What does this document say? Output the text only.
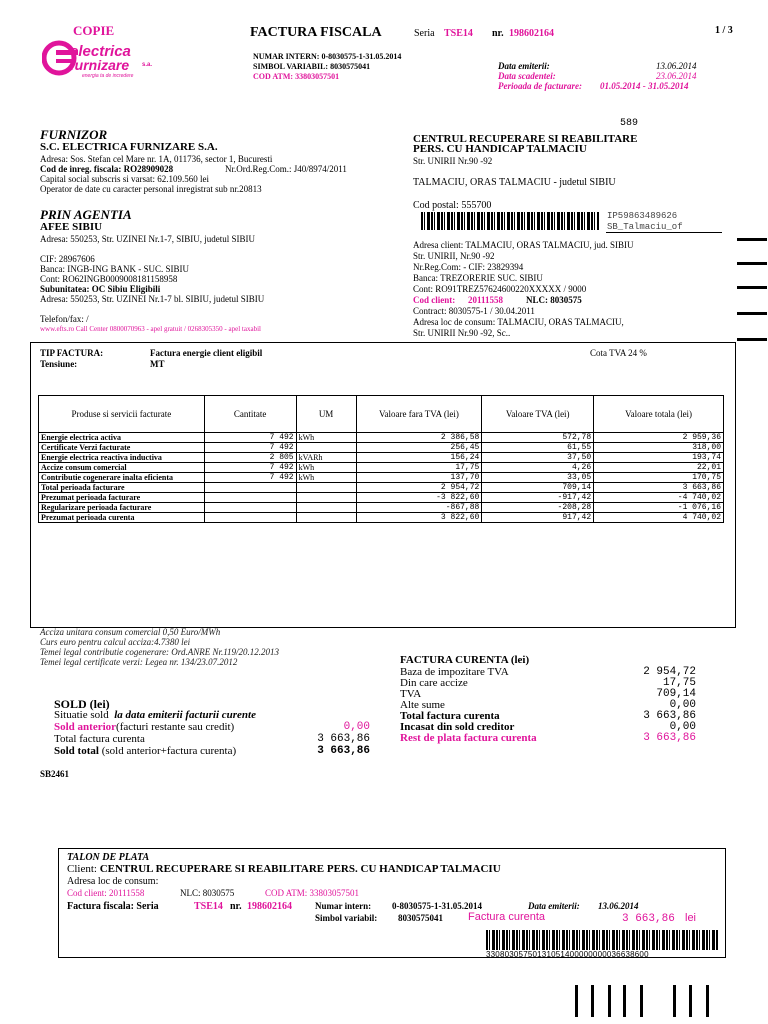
COPIE	FACTURA FISCALA	Seria TSE14 nr. 198602164	1 / 3
electrica
furnizare s.a.
energia ta de incredere
NUMAR INTERN: 0-8030575-1-31.05.2014
SIMBOL VARIABIL: 8030575041
COD ATM: 33803057501
Data emiterii:	13.06.2014
Data scadentei:	23.06.2014
Perioada de facturare: 01.05.2014 - 31.05.2014
FURNIZOR
S.C. ELECTRICA FURNIZARE S.A.
Adresa: Sos. Stefan cel Mare nr. 1A, 011736, sector 1, Bucuresti
Cod de inreg. fiscala: RO28909028	Nr.Ord.Reg.Com.: J40/8974/2011
Capital social subscris si varsat: 62.109.560 lei
Operator de date cu caracter personal inregistrat sub nr.20813
PRIN AGENTIA
AFEE SIBIU
Adresa: 550253, Str. UZINEI Nr.1-7, SIBIU, judetul SIBIU
CIF: 28967606
Banca: INGB-ING BANK - SUC. SIBIU
Cont: RO62INGB0009008181158958
Subunitatea: OC Sibiu Eligibili
Adresa: 550253, Str. UZINEI Nr.1-7 bl. SIBIU, judetul SIBIU
Telefon/fax: /
www.efts.ro Call Center 0800070963 - apel gratuit / 0268305350 - apel taxabil
589
CENTRUL RECUPERARE SI REABILITARE
PERS. CU HANDICAP TALMACIU
Str. UNIRII Nr.90 -92
TALMACIU, ORAS TALMACIU - judetul SIBIU
Cod postal: 555700
IP59863489626
SB_Talmaciu_of
Adresa client: TALMACIU, ORAS TALMACIU, jud. SIBIU
Str. UNIRII, Nr.90 -92
Nr.Reg.Com: - CIF: 23829394
Banca: TREZORERIE SUC. SIBIU
Cont: RO91TREZ57624600220XXXXX / 9000
Cod client: 20111558	NLC: 8030575
Contract: 8030575-1 / 30.04.2011
Adresa loc de consum: TALMACIU, ORAS TALMACIU,
Str. UNIRII Nr.90 -92, Sc..
TIP FACTURA:	Factura energie client eligibil	Cota TVA 24 %
Tensiune:	MT
Produse si servicii facturate	Cantitate	UM	Valoare fara TVA (lei)	Valoare TVA (lei)	Valoare totala (lei)
Energie electrica activa	7 492	kWh	2 386,58	572,78	2 959,36
Certificate Verzi facturate	7 492		256,45	61,55	318,00
Energie electrica reactiva inductiva	2 805	kVARh	156,24	37,50	193,74
Accize consum comercial	7 492	kWh	17,75	4,26	22,01
Contributie cogenerare inalta eficienta	7 492	kWh	137,70	33,05	170,75
Total perioada facturare			2 954,72	709,14	3 663,86
Prezumat perioada facturare			-3 822,60	-917,42	-4 740,02
Regularizare perioada facturare			-867,88	-208,28	-1 076,16
Prezumat perioada curenta			3 822,60	917,42	4 740,02
Acciza unitara consum comercial 0,50 Euro/MWh
Curs euro pentru calcul acciza:4.7380 lei
Temei legal contributie cogenerare: Ord.ANRE Nr.119/20.12.2013
Temei legal certificate verzi: Legea nr. 134/23.07.2012	FACTURA CURENTA (lei)
Baza de impozitare TVA	2 954,72
Din care accize	17,75
TVA	709,14
Alte sume	0,00
Total factura curenta	3 663,86
Incasat din sold creditor	0,00
Rest de plata factura curenta	3 663,86
SOLD (lei)
Situatie sold la data emiterii facturii curente
Sold anterior(facturi restante sau credit)	0,00
Total factura curenta	3 663,86
Sold total (sold anterior+factura curenta)	3 663,86
SB2461
TALON DE PLATA
Client: CENTRUL RECUPERARE SI REABILITARE PERS. CU HANDICAP TALMACIU
Adresa loc de consum:
Cod client: 20111558	NLC: 8030575	COD ATM: 33803057501
Factura fiscala: Seria	TSE14 nr. 198602164	Numar intern: 0-8030575-1-31.05.2014	Data emiterii: 13.06.2014
Simbol variabil: 8030575041 Factura curenta	3 663,86 lei
33080305750131051400000000036638600
